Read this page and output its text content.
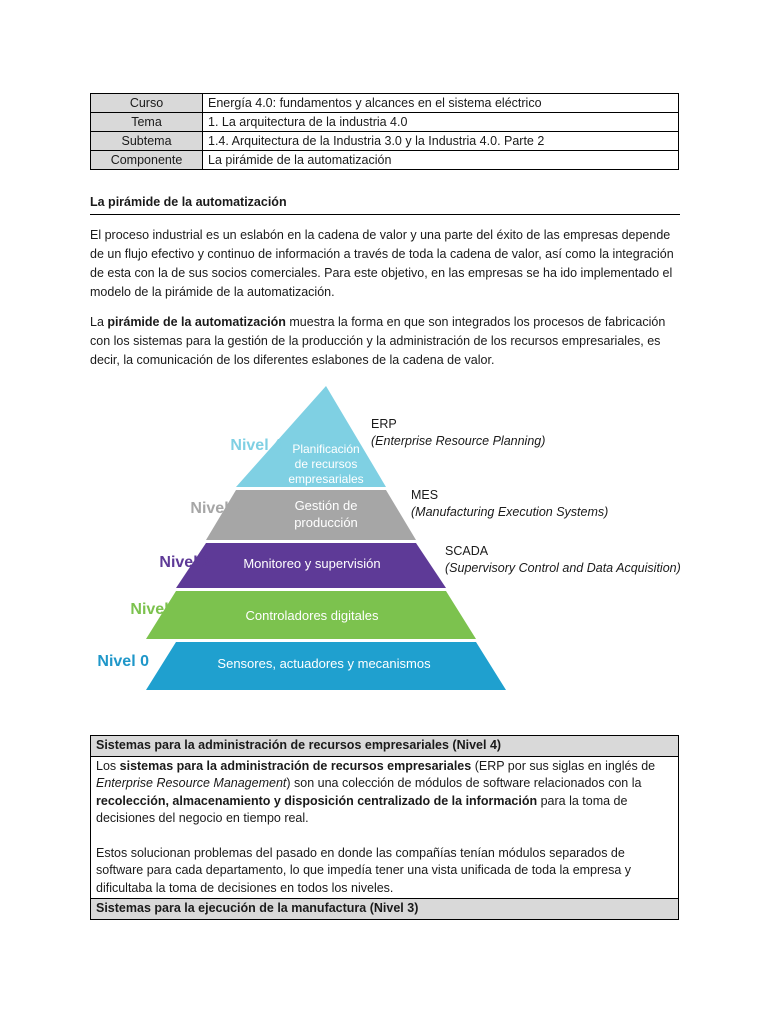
Curso	Energía 4.0: fundamentos y alcances en el sistema eléctrico
Tema	1. La arquitectura de la industria 4.0
Subtema	1.4. Arquitectura de la Industria 3.0 y la Industria 4.0. Parte 2
Componente	La pirámide de la automatización
La pirámide de la automatización

El proceso industrial es un eslabón en la cadena de valor y una parte del éxito de las empresas depende de un flujo efectivo y continuo de información a través de toda la cadena de valor, así como la integración de esta con la de sus socios comerciales. Para este objetivo, en las empresas se ha ido implementado el modelo de la pirámide de la automatización.

La pirámide de la automatización muestra la forma en que son integrados los procesos de fabricación con los sistemas para la gestión de la producción y la administración de los recursos empresariales, es decir, la comunicación de los diferentes eslabones de la cadena de valor.

Planificación
de recursos
empresariales
Gestión de
producción
Monitoreo y supervisión
Controladores digitales
Sensores, actuadores y mecanismos
Nivel 4
Nivel 3
Nivel 2
Nivel 1
Nivel 0
ERP
(Enterprise Resource Planning)
MES
(Manufacturing Execution Systems)
SCADA
(Supervisory Control and Data Acquisition)
Sistemas para la administración de recursos empresariales (Nivel 4)

Los sistemas para la administración de recursos empresariales (ERP por sus siglas en inglés de Enterprise Resource Management) son una colección de módulos de software relacionados con la recolección, almacenamiento y disposición centralizado de la información para la toma de decisiones del negocio en tiempo real.

Estos solucionan problemas del pasado en donde las compañías tenían módulos separados de software para cada departamento, lo que impedía tener una vista unificada de toda la empresa y dificultaba la toma de decisiones en todos los niveles.

Sistemas para la ejecución de la manufactura (Nivel 3)
